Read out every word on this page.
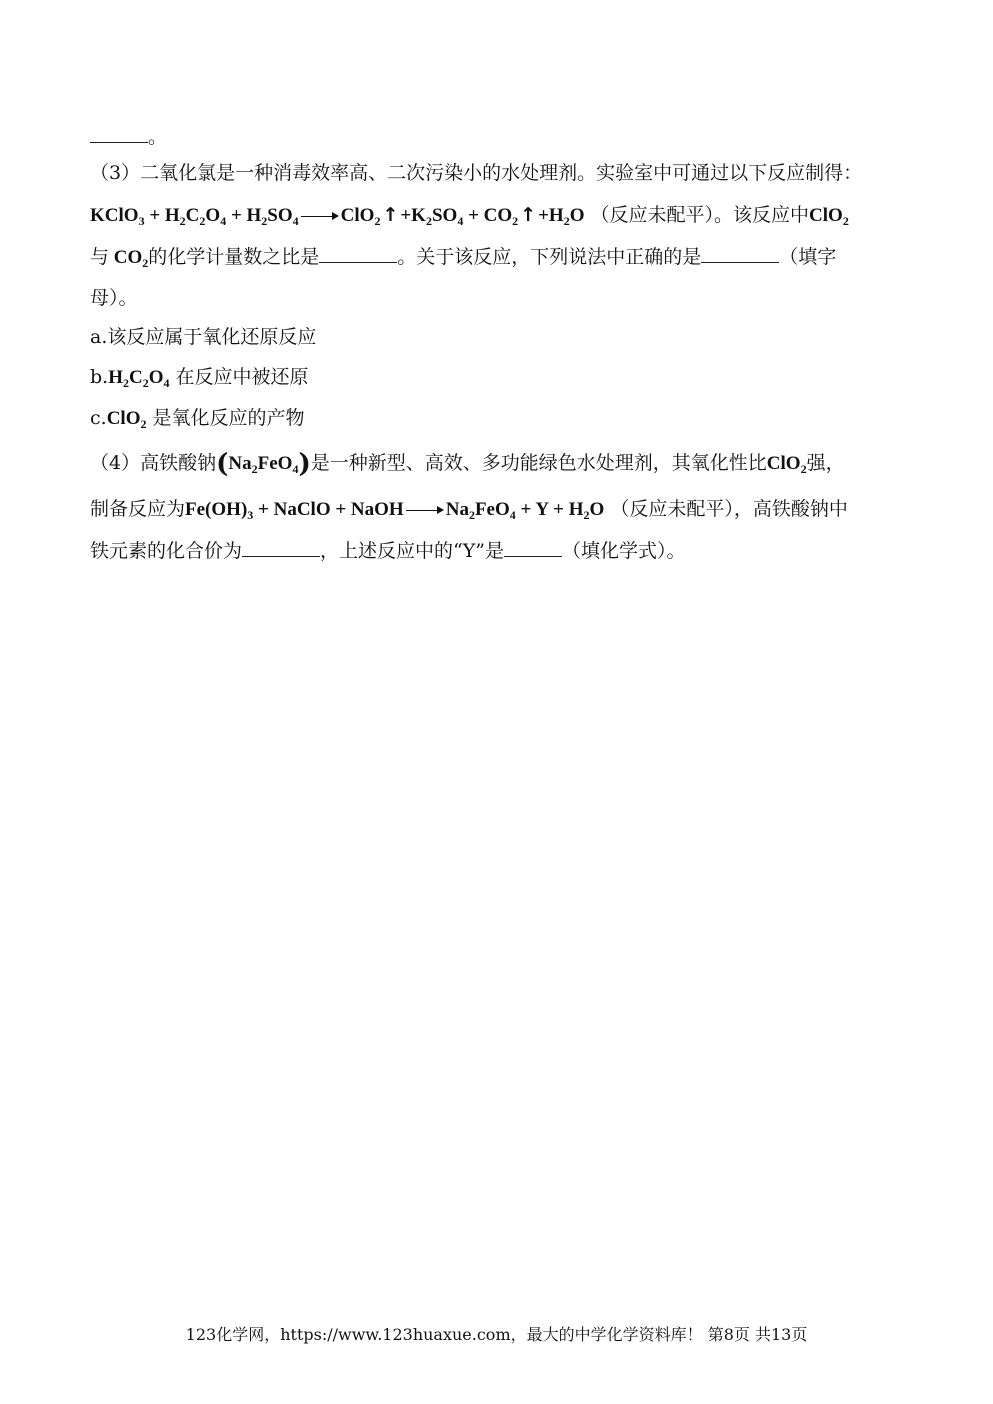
。
（3）二氧化氯是一种消毒效率高、二次污染小的水处理剂。实验室中可通过以下反应制得：
KClO$_3$ + $H_2C_2O_4 + H_2SO_4$ ClO$_2$ ↑ $+K_2SO_4 + CO_2$ ↑ $+H_2O$ （反应未配平）。该反应中ClO$_2$
与 $CO_2$的化学计量数之比是	。关于该反应，下列说法中正确的是	（填字
母）。
a.该反应属于氧化还原反应
$b.H_2C_2O_4$ 在反应中被还原
c.ClO$_2$ 是氧化反应的产物
（4）高铁酸钠$(Na_2FeO_4)$是一种新型、高效、多功能绿色水处理剂，其氧化性比ClO$_2$强，
制备反应为$Fe(OH)_3$ + NaClO + NaOH $Na_2FeO_4 + Y + H_2O$ （反应未配平），高铁酸钠中
铁元素的化合价为	，上述反应中的“Y”是	（填化学式）。
123化学网，https://www.123huaxue.com，最大的中学化学资料库！ 第8页 共13页
